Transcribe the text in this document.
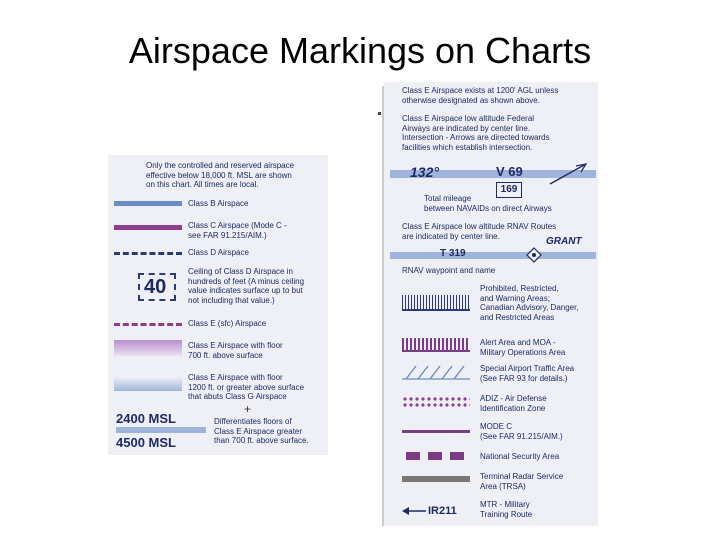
Airspace Markings on Charts
Only the controlled and reserved airspace
effective below 18,000 ft. MSL are shown
on this chart. All times are local.
Class B Airspace
Class C Airspace (Mode C -
see FAR 91.215/AIM.)
Class D Airspace
40
Ceiling of Class D Airspace in
hundreds of feet (A minus ceiling
value indicates surface up to but
not including that value.)
Class E (sfc) Airspace
Class E Airspace with floor
700 ft. above surface
Class E Airspace with floor
1200 ft. or greater above surface
that abuts Class G Airspace
2400 MSL
4500 MSL
Differentiates floors of
Class E Airspace greater
than 700 ft. above surface.
+
Class E Airspace exists at 1200' AGL unless
otherwise designated as shown above.
Class E Airspace low altitude Federal
Airways are indicated by center line.
Intersection - Arrows are directed towards
facilities which establish intersection.
132°	V 69
169
Total mileage
between NAVAIDs on direct Airways
Class E Airspace low altitude RNAV Routes
are indicated by center line.	GRANT
T 319
RNAV waypoint and name
Prohibited, Restricted,
and Warning Areas;
Canadian Advisory, Danger,
and Restricted Areas
Alert Area and MOA -
Military Operations Area
Special Airport Traffic Area
(See FAR 93 for details.)
ADIZ - Air Defense
Identification Zone
MODE C
(See FAR 91.215/AIM.)
National Security Area
Terminal Radar Service
Area (TRSA)
IR211
MTR - Military
Training Route
